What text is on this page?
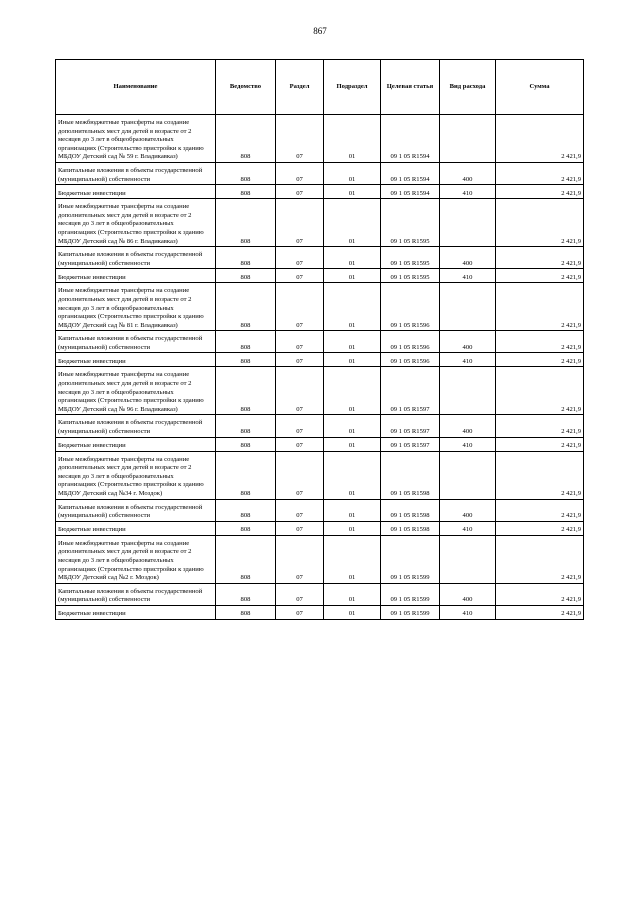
867
Наименование	Ведомство	Раздел	Подраздел	Целевая статья	Вид расхода	Сумма
Иные межбюджетные трансферты на создание дополнительных мест для детей в возрасте от 2 месяцев до 3 лет в общеобразовательных организациях (Строительство пристройки к зданию МБДОУ Детский сад № 59 г. Владикавказ)	808	07	01	09 1 05 R1594		2 421,9
Капитальные вложения в объекты государственной (муниципальной) собственности	808	07	01	09 1 05 R1594	400	2 421,9
Бюджетные инвестиции	808	07	01	09 1 05 R1594	410	2 421,9
Иные межбюджетные трансферты на создание дополнительных мест для детей в возрасте от 2 месяцев до 3 лет в общеобразовательных организациях (Строительство пристройки к зданию МБДОУ Детский сад № 86 г. Владикавказ)	808	07	01	09 1 05 R1595		2 421,9
Капитальные вложения в объекты государственной (муниципальной) собственности	808	07	01	09 1 05 R1595	400	2 421,9
Бюджетные инвестиции	808	07	01	09 1 05 R1595	410	2 421,9
Иные межбюджетные трансферты на создание дополнительных мест для детей в возрасте от 2 месяцев до 3 лет в общеобразовательных организациях (Строительство пристройки к зданию МБДОУ Детский сад № 81 г. Владикавказ)	808	07	01	09 1 05 R1596		2 421,9
Капитальные вложения в объекты государственной (муниципальной) собственности	808	07	01	09 1 05 R1596	400	2 421,9
Бюджетные инвестиции	808	07	01	09 1 05 R1596	410	2 421,9
Иные межбюджетные трансферты на создание дополнительных мест для детей в возрасте от 2 месяцев до 3 лет в общеобразовательных организациях (Строительство пристройки к зданию МБДОУ Детский сад № 96 г. Владикавказ)	808	07	01	09 1 05 R1597		2 421,9
Капитальные вложения в объекты государственной (муниципальной) собственности	808	07	01	09 1 05 R1597	400	2 421,9
Бюджетные инвестиции	808	07	01	09 1 05 R1597	410	2 421,9
Иные межбюджетные трансферты на создание дополнительных мест для детей в возрасте от 2 месяцев до 3 лет в общеобразовательных организациях (Строительство пристройки к зданию МБДОУ Детский сад №34 г. Моздок)	808	07	01	09 1 05 R1598		2 421,9
Капитальные вложения в объекты государственной (муниципальной) собственности	808	07	01	09 1 05 R1598	400	2 421,9
Бюджетные инвестиции	808	07	01	09 1 05 R1598	410	2 421,9
Иные межбюджетные трансферты на создание дополнительных мест для детей в возрасте от 2 месяцев до 3 лет в общеобразовательных организациях (Строительство пристройки к зданию МБДОУ Детский сад №2 г. Моздок)	808	07	01	09 1 05 R1599		2 421,9
Капитальные вложения в объекты государственной (муниципальной) собственности	808	07	01	09 1 05 R1599	400	2 421,9
Бюджетные инвестиции	808	07	01	09 1 05 R1599	410	2 421,9
